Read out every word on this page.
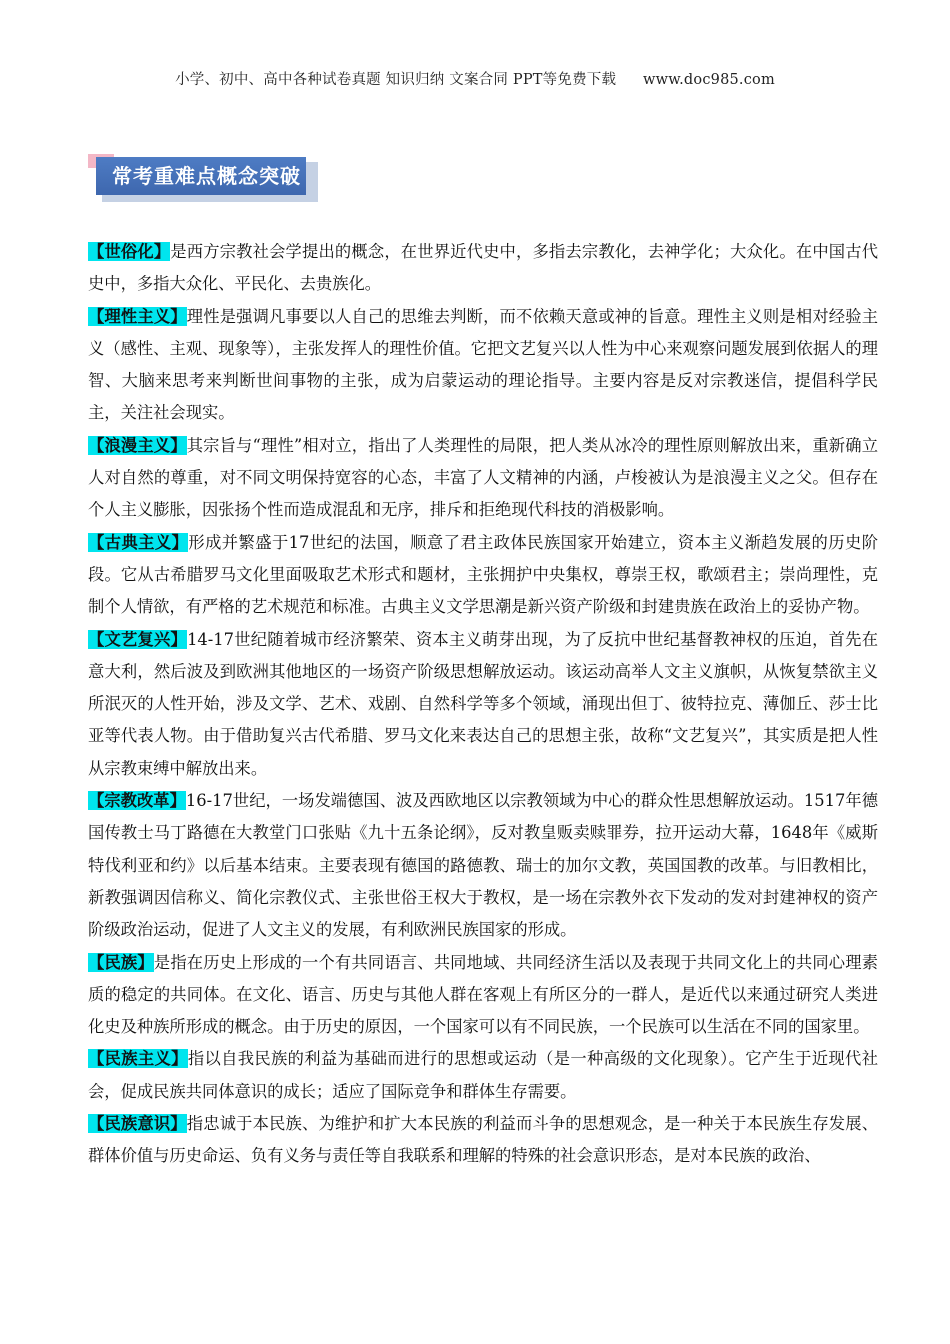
小学、初中、高中各种试卷真题 知识归纳 文案合同 PPT等免费下载 www.doc985.com
常考重难点概念突破

【世俗化】是西方宗教社会学提出的概念，在世界近代史中，多指去宗教化，去神学化；大众化。在中国古代史中，多指大众化、平民化、去贵族化。

【理性主义】理性是强调凡事要以人自己的思维去判断，而不依赖天意或神的旨意。理性主义则是相对经验主义（感性、主观、现象等），主张发挥人的理性价值。它把文艺复兴以人性为中心来观察问题发展到依据人的理智、大脑来思考来判断世间事物的主张，成为启蒙运动的理论指导。主要内容是反对宗教迷信，提倡科学民主，关注社会现实。

【浪漫主义】其宗旨与“理性”相对立，指出了人类理性的局限，把人类从冰冷的理性原则解放出来，重新确立人对自然的尊重，对不同文明保持宽容的心态，丰富了人文精神的内涵，卢梭被认为是浪漫主义之父。但存在个人主义膨胀，因张扬个性而造成混乱和无序，排斥和拒绝现代科技的消极影响。

【古典主义】形成并繁盛于17世纪的法国，顺意了君主政体民族国家开始建立，资本主义渐趋发展的历史阶段。它从古希腊罗马文化里面吸取艺术形式和题材，主张拥护中央集权，尊崇王权，歌颂君主；崇尚理性，克制个人情欲，有严格的艺术规范和标准。古典主义文学思潮是新兴资产阶级和封建贵族在政治上的妥协产物。

【文艺复兴】14-17世纪随着城市经济繁荣、资本主义萌芽出现，为了反抗中世纪基督教神权的压迫，首先在意大利，然后波及到欧洲其他地区的一场资产阶级思想解放运动。该运动高举人文主义旗帜，从恢复禁欲主义所泯灭的人性开始，涉及文学、艺术、戏剧、自然科学等多个领域，涌现出但丁、彼特拉克、薄伽丘、莎士比亚等代表人物。由于借助复兴古代希腊、罗马文化来表达自己的思想主张，故称“文艺复兴”，其实质是把人性从宗教束缚中解放出来。

【宗教改革】16-17世纪，一场发端德国、波及西欧地区以宗教领域为中心的群众性思想解放运动。1517年德国传教士马丁路德在大教堂门口张贴《九十五条论纲》，反对教皇贩卖赎罪券，拉开运动大幕，1648年《威斯特伐利亚和约》以后基本结束。主要表现有德国的路德教、瑞士的加尔文教，英国国教的改革。与旧教相比，新教强调因信称义、简化宗教仪式、主张世俗王权大于教权，是一场在宗教外衣下发动的发对封建神权的资产阶级政治运动，促进了人文主义的发展，有利欧洲民族国家的形成。

【民族】是指在历史上形成的一个有共同语言、共同地域、共同经济生活以及表现于共同文化上的共同心理素质的稳定的共同体。在文化、语言、历史与其他人群在客观上有所区分的一群人，是近代以来通过研究人类进化史及种族所形成的概念。由于历史的原因，一个国家可以有不同民族，一个民族可以生活在不同的国家里。

【民族主义】指以自我民族的利益为基础而进行的思想或运动（是一种高级的文化现象）。它产生于近现代社会，促成民族共同体意识的成长；适应了国际竞争和群体生存需要。

【民族意识】指忠诚于本民族、为维护和扩大本民族的利益而斗争的思想观念，是一种关于本民族生存发展、群体价值与历史命运、负有义务与责任等自我联系和理解的特殊的社会意识形态，是对本民族的政治、
